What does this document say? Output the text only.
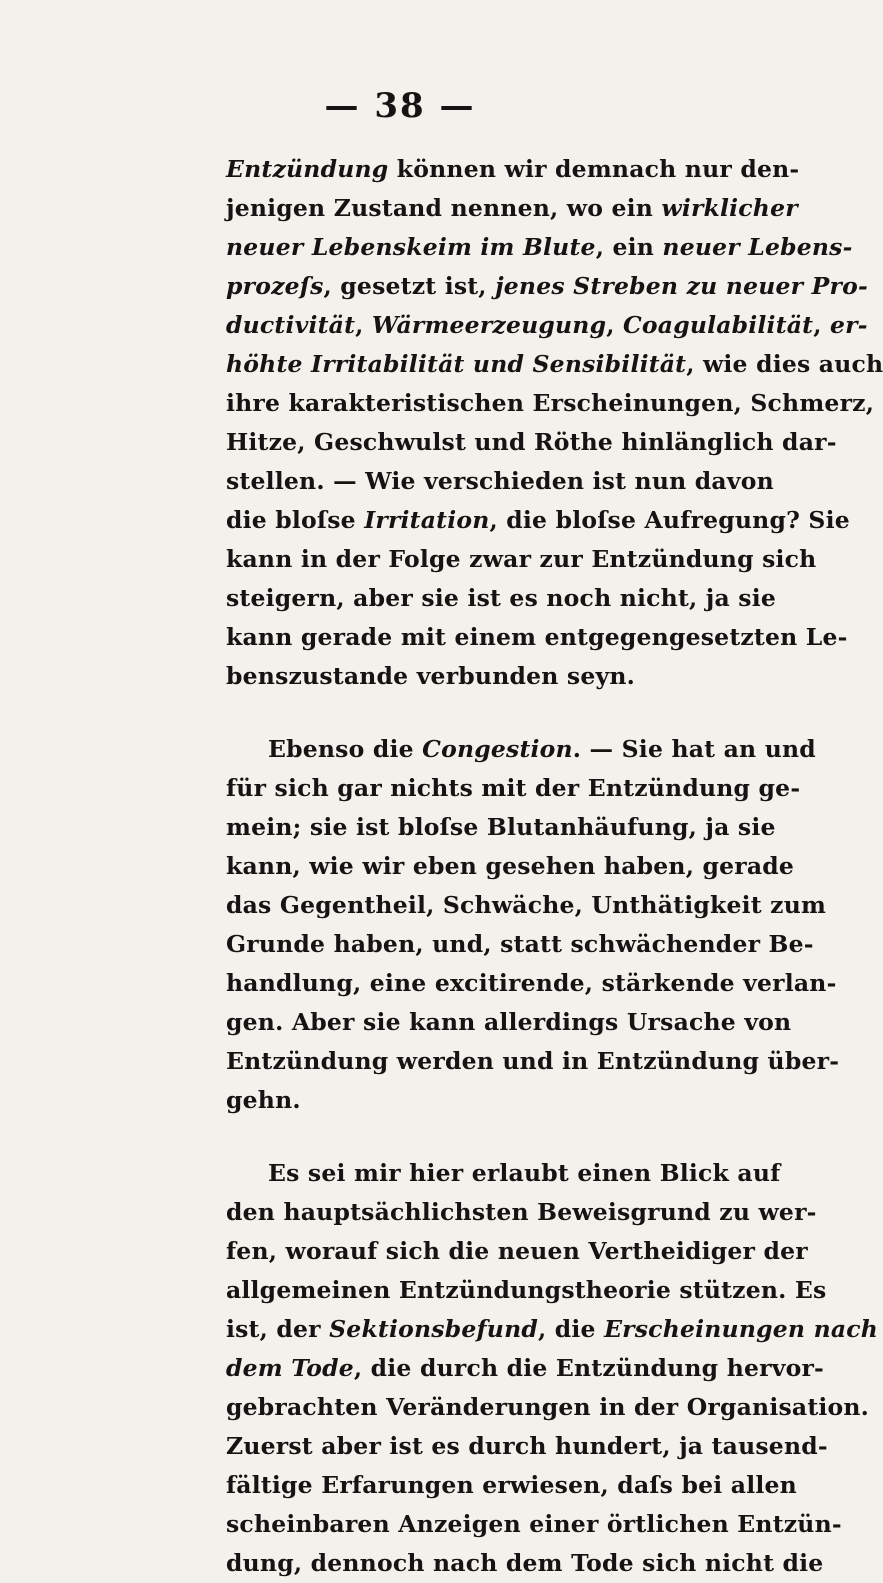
— 38 —
Entzündung können wir demnach nur den-
jenigen Zustand nennen, wo ein wirklicher
neuer Lebenskeim im Blute, ein neuer Lebens-
prozeſs, gesetzt ist, jenes Streben zu neuer Pro-
ductivität, Wärmeerzeugung, Coagulabilität, er-
höhte Irritabilität und Sensibilität, wie dies auch
ihre karakteristischen Erscheinungen, Schmerz,
Hitze, Geschwulst und Röthe hinlänglich dar-
stellen. — Wie verschieden ist nun davon
die bloſse Irritation, die bloſse Aufregung? Sie
kann in der Folge zwar zur Entzündung sich
steigern, aber sie ist es noch nicht, ja sie
kann gerade mit einem entgegengesetzten Le-
benszustande verbunden seyn.
Ebenso die Congestion. — Sie hat an und
für sich gar nichts mit der Entzündung ge-
mein; sie ist bloſse Blutanhäufung, ja sie
kann, wie wir eben gesehen haben, gerade
das Gegentheil, Schwäche, Unthätigkeit zum
Grunde haben, und, statt schwächender Be-
handlung, eine excitirende, stärkende verlan-
gen. Aber sie kann allerdings Ursache von
Entzündung werden und in Entzündung über-
gehn.
Es sei mir hier erlaubt einen Blick auf
den hauptsächlichsten Beweisgrund zu wer-
fen, worauf sich die neuen Vertheidiger der
allgemeinen Entzündungstheorie stützen. Es
ist, der Sektionsbefund, die Erscheinungen nach
dem Tode, die durch die Entzündung hervor-
gebrachten Veränderungen in der Organisation.
Zuerst aber ist es durch hundert, ja tausend-
fältige Erfarungen erwiesen, daſs bei allen
scheinbaren Anzeigen einer örtlichen Entzün-
dung, dennoch nach dem Tode sich nicht die
